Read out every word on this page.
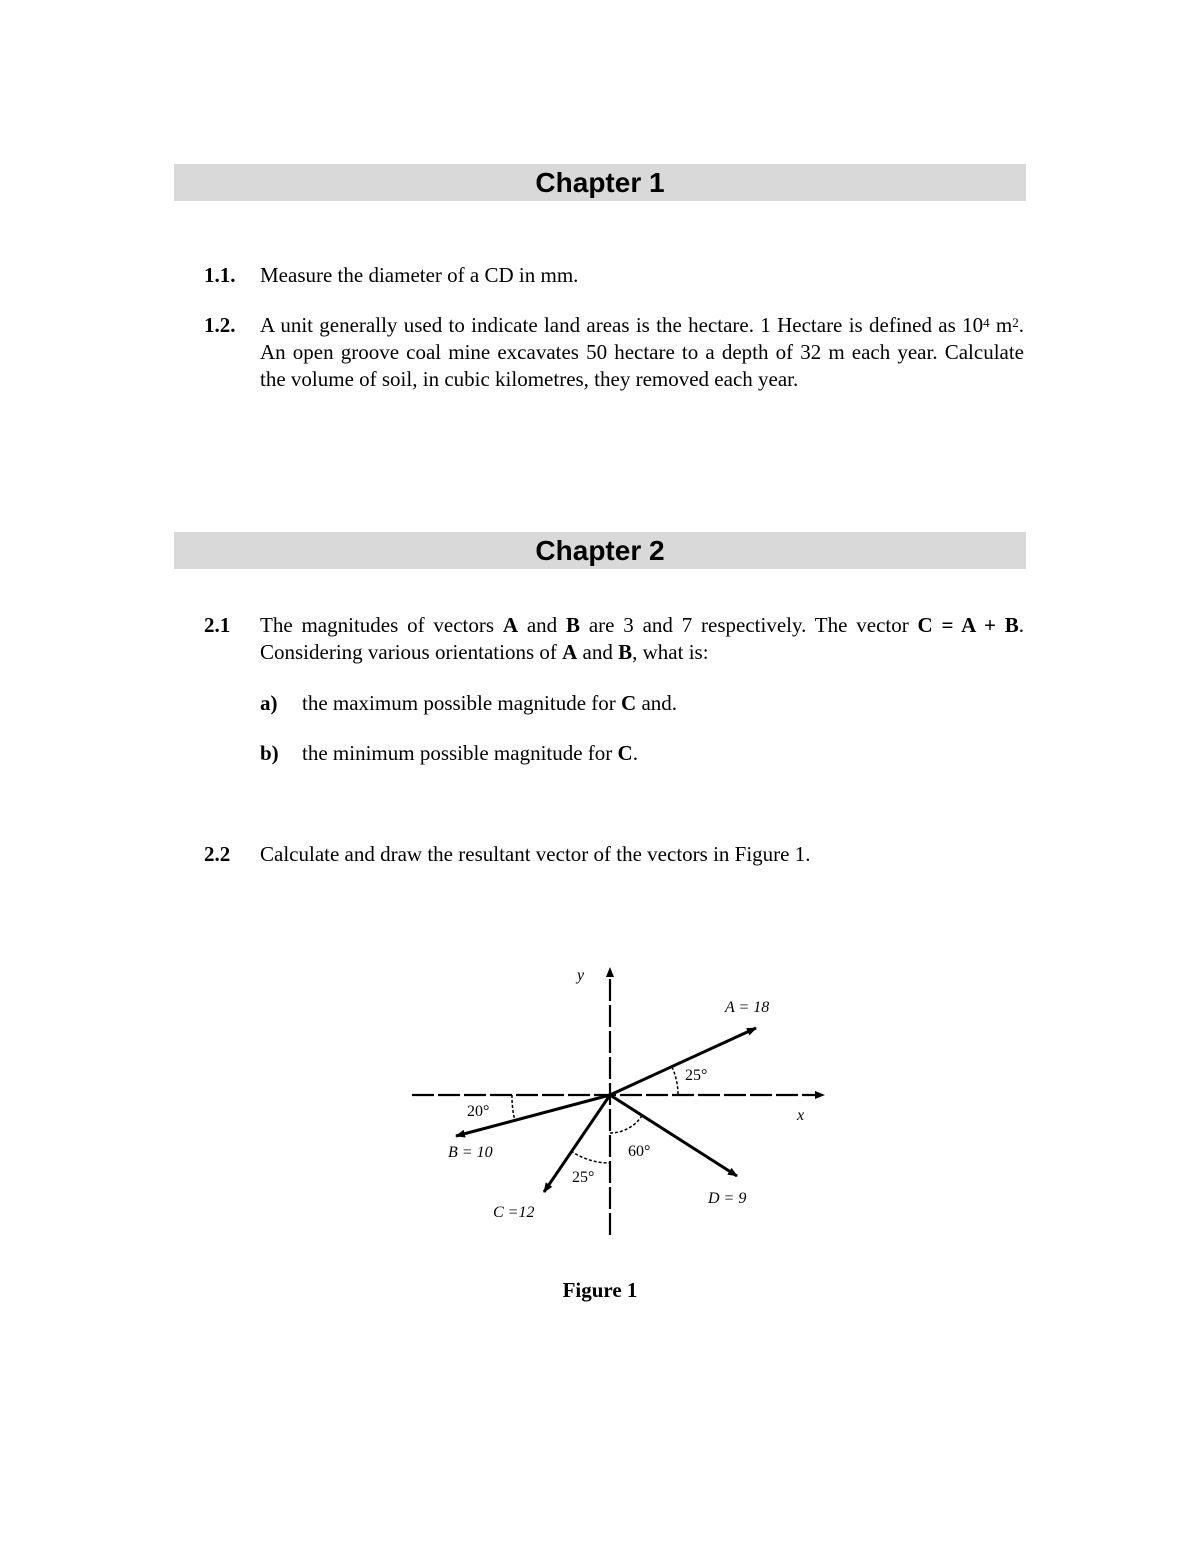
Chapter 1
1.1. Measure the diameter of a CD in mm.
1.2. A unit generally used to indicate land areas is the hectare. 1 Hectare is defined as $10^4$ $m^2$. An open groove coal mine excavates 50 hectare to a depth of 32 m each year. Calculate the volume of soil, in cubic kilometres, they removed each year.
Chapter 2
2.1 The magnitudes of vectors A and B are 3 and 7 respectively. The vector C = A + B. Considering various orientations of A and B, what is:
a) the maximum possible magnitude for C and.
b) the minimum possible magnitude for C.
2.2 Calculate and draw the resultant vector of the vectors in Figure 1.
y
x
25°
20°
25°
60°
A = 18
B = 10
C =12
D = 9
Figure 1
